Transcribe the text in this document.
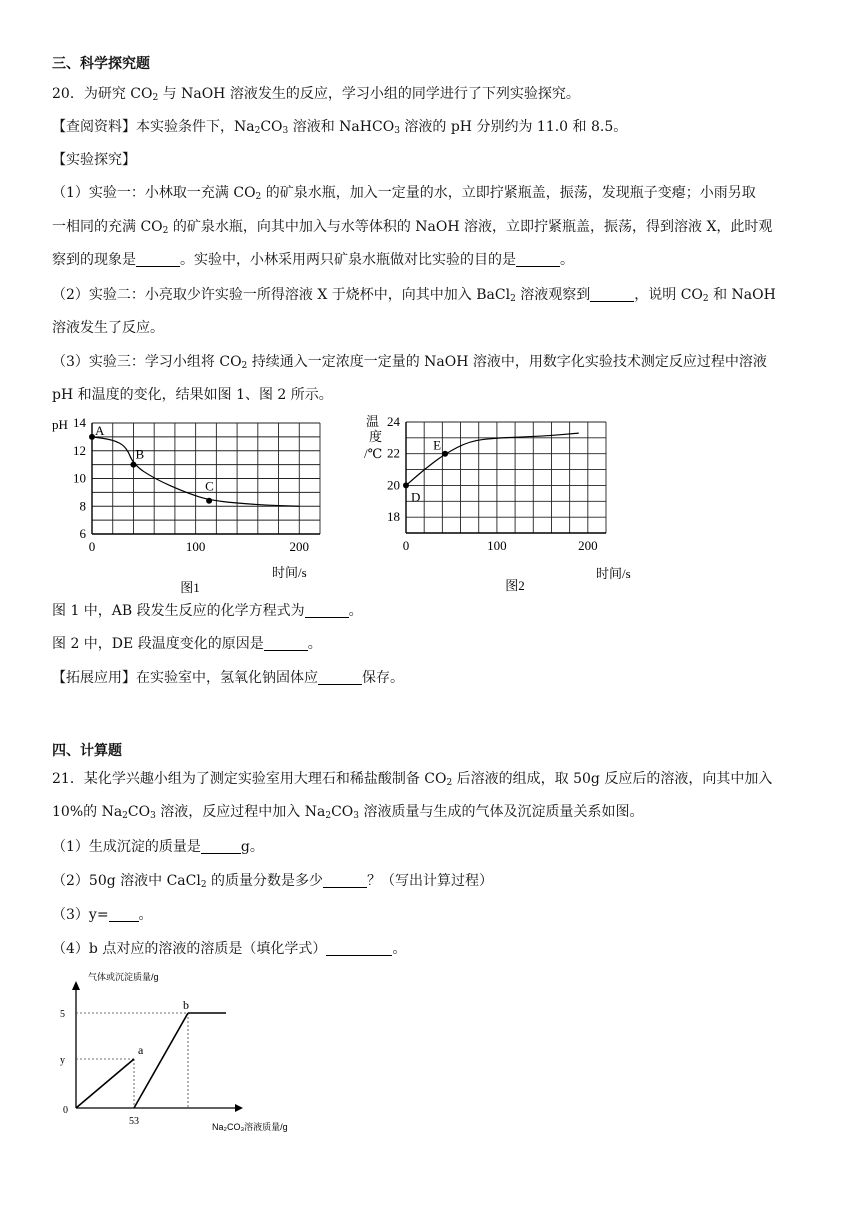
三、科学探究题
20．为研究 $CO_2$ 与 NaOH 溶液发生的反应，学习小组的同学进行了下列实验探究。
【查阅资料】本实验条件下，$Na_2CO_3$ 溶液和 NaHCO$_3$ 溶液的 pH 分别约为 11.0 和 8.5。
【实验探究】
（1）实验一：小林取一充满 $CO_2$ 的矿泉水瓶，加入一定量的水，立即拧紧瓶盖，振荡，发现瓶子变瘪；小雨另取
一相同的充满 $CO_2$ 的矿泉水瓶，向其中加入与水等体积的 NaOH 溶液，立即拧紧瓶盖，振荡，得到溶液 X，此时观
察到的现象是	。实验中，小林采用两只矿泉水瓶做对比实验的目的是	。
（2）实验二：小亮取少许实验一所得溶液 X 于烧杯中，向其中加入 BaCl$_2$ 溶液观察到	，说明 $CO_2$ 和 NaOH
溶液发生了反应。
（3）实验三：学习小组将 $CO_2$ 持续通入一定浓度一定量的 NaOH 溶液中，用数字化实验技术测定反应过程中溶液
pH 和温度的变化，结果如图 1、图 2 所示。
0	100	200
6
8
10
12
14
A
B
C
pH
时间/s
图1
0	100	200
18
20
22
24
D
E
温
度
/℃
时间/s
图2
图 1 中，AB 段发生反应的化学方程式为	。
图 2 中，DE 段温度变化的原因是	。
【拓展应用】在实验室中，氢氧化钠固体应	保存。
四、计算题
21．某化学兴趣小组为了测定实验室用大理石和稀盐酸制备 $CO_2$ 后溶液的组成，取 50g 反应后的溶液，向其中加入
10%的 $Na_2CO_3$ 溶液，反应过程中加入 $Na_2CO_3$ 溶液质量与生成的气体及沉淀质量关系如图。
（1）生成沉淀的质量是	g。
（2）50g 溶液中 CaCl$_2$ 的质量分数是多少	？（写出计算过程）
（3）y= 。
（4）b 点对应的溶液的溶质是（填化学式）	。
5
y
0
53
a
b
气体或沉淀质量/g
Na₂CO₃溶液质量/g
